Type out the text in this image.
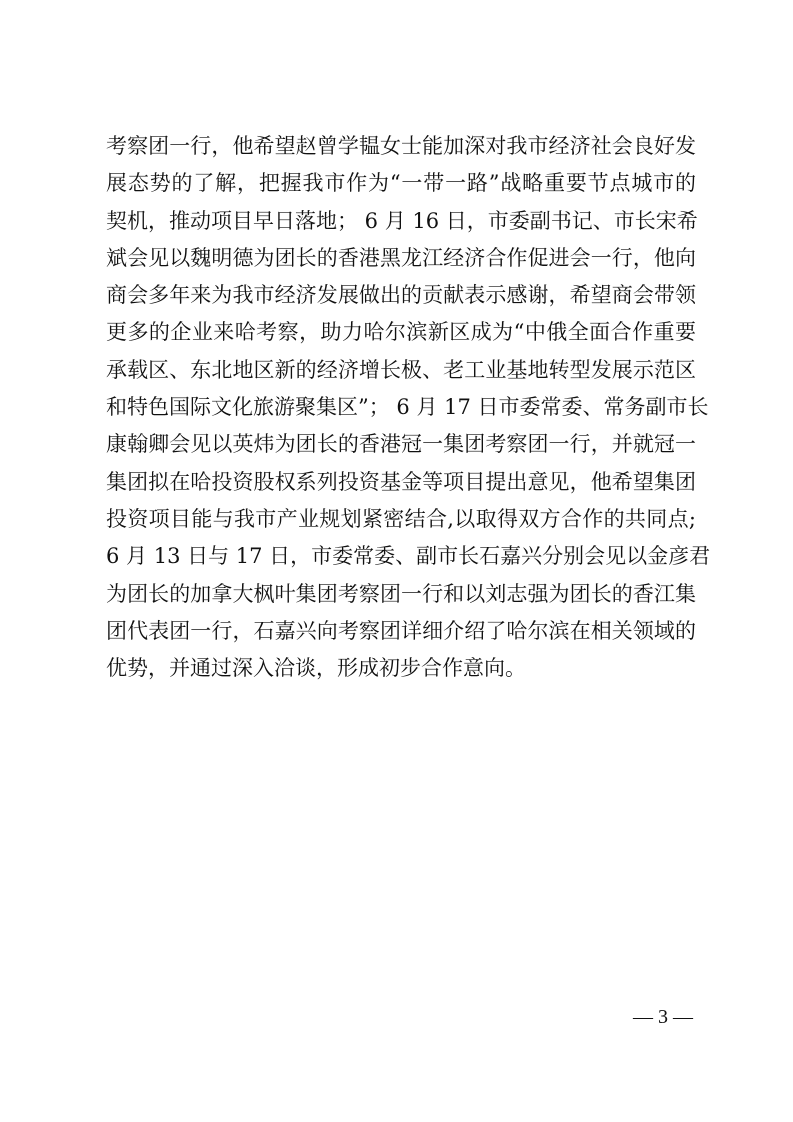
考察团一行，他希望赵曾学韫女士能加深对我市经济社会良好发
展态势的了解，把握我市作为“一带一路”战略重要节点城市的
契机，推动项目早日落地； 6 月 16 日，市委副书记、市长宋希
斌会见以魏明德为团长的香港黑龙江经济合作促进会一行，他向
商会多年来为我市经济发展做出的贡献表示感谢，希望商会带领
更多的企业来哈考察，助力哈尔滨新区成为“中俄全面合作重要
承载区、东北地区新的经济增长极、老工业基地转型发展示范区
和特色国际文化旅游聚集区”； 6 月 17 日市委常委、常务副市长
康翰卿会见以英炜为团长的香港冠一集团考察团一行，并就冠一
集团拟在哈投资股权系列投资基金等项目提出意见，他希望集团
投资项目能与我市产业规划紧密结合,以取得双方合作的共同点;
6 月 13 日与 17 日，市委常委、副市长石嘉兴分别会见以金彦君
为团长的加拿大枫叶集团考察团一行和以刘志强为团长的香江集
团代表团一行，石嘉兴向考察团详细介绍了哈尔滨在相关领域的
优势，并通过深入洽谈，形成初步合作意向。
— 3 —
